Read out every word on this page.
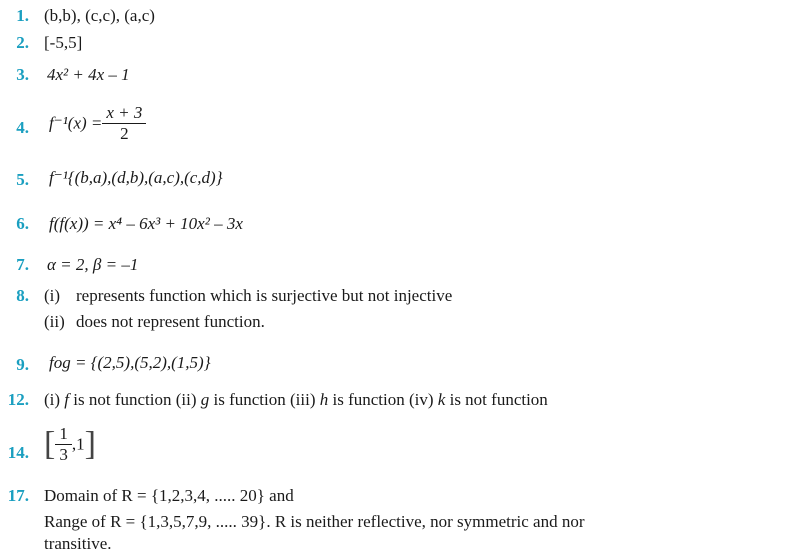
1. (b,b), (c,c), (a,c)
2. [-5,5]
3. 4x² + 4x – 1
4. $f^{-1}(x) = \frac{x + 3}{2}$
5. f⁻¹{(b,a),(d,b),(a,c),(c,d)}
6. f(f(x)) = x⁴ – 6x³ + 10x² – 3x
7. α = 2, β = –1
8. (i) represents function which is surjective but not injective
(ii) does not represent function.
9. fog = {(2,5),(5,2),(1,5)}
12. (i) f is not function (ii) g is function (iii) h is function (iv) k is not function
14. [ $\frac{1}{3} ,1$]
17. Domain of R = {1,2,3,4, ..... 20} and
Range of R = {1,3,5,7,9, ..... 39}. R is neither reflective, nor symmetric and nor
transitive.
